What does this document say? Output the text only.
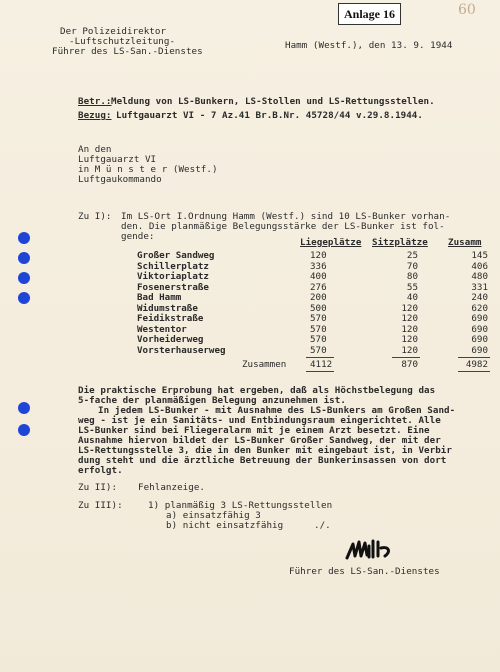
Anlage 16	60
Der Polizeidirektor
-Luftschutzleitung-
Führer des LS-San.-Dienstes
Hamm (Westf.), den 13. 9. 1944
Betr.: Meldung von LS-Bunkern, LS-Stollen und LS-Rettungsstellen.
Bezug: Luftgauarzt VI - 7 Az.41 Br.B.Nr. 45728/44 v.29.8.1944.
An den
Luftgauarzt VI
in M ü n s t e r (Westf.)
Luftgaukommando
Zu I): Im LS-Ort I.Ordnung Hamm (Westf.) sind 10 LS-Bunker vorhan-
den. Die planmäßige Belegungsstärke der LS-Bunker ist fol-
gende:
Liegeplätze Sitzplätze Zusamm
Großer Sandweg	120	25	145
Schillerplatz	336	70	406
Viktoriaplatz	400	80	480
Fosenerstraße	276	55	331
Bad Hamm	200	40	240
Widumstraße	500	120	620
Feidikstraße	570	120	690
Westentor	570	120	690
Vorheiderweg	570	120	690
Vorsterhauserweg	570	120	690
Zusammen	4112	870	4982
Die praktische Erprobung hat ergeben, daß als Höchstbelegung das
5-fache der planmäßigen Belegung anzunehmen ist.
In jedem LS-Bunker - mit Ausnahme des LS-Bunkers am Großen Sand-
weg - ist je ein Sanitäts- und Entbindungsraum eingerichtet. Alle
LS-Bunker sind bei Fliegeralarm mit je einem Arzt besetzt. Eine
Ausnahme hiervon bildet der LS-Bunker Großer Sandweg, der mit der
LS-Rettungsstelle 3, die in den Bunker mit eingebaut ist, in Verbir
dung steht und die ärztliche Betreuung der Bunkerinsassen von dort
erfolgt.
Zu II): Fehlanzeige.
Zu III):	1) planmäßig 3 LS-Rettungsstellen
a) einsatzfähig 3
b) nicht einsatzfähig	./.
Führer des LS-San.-Dienstes
